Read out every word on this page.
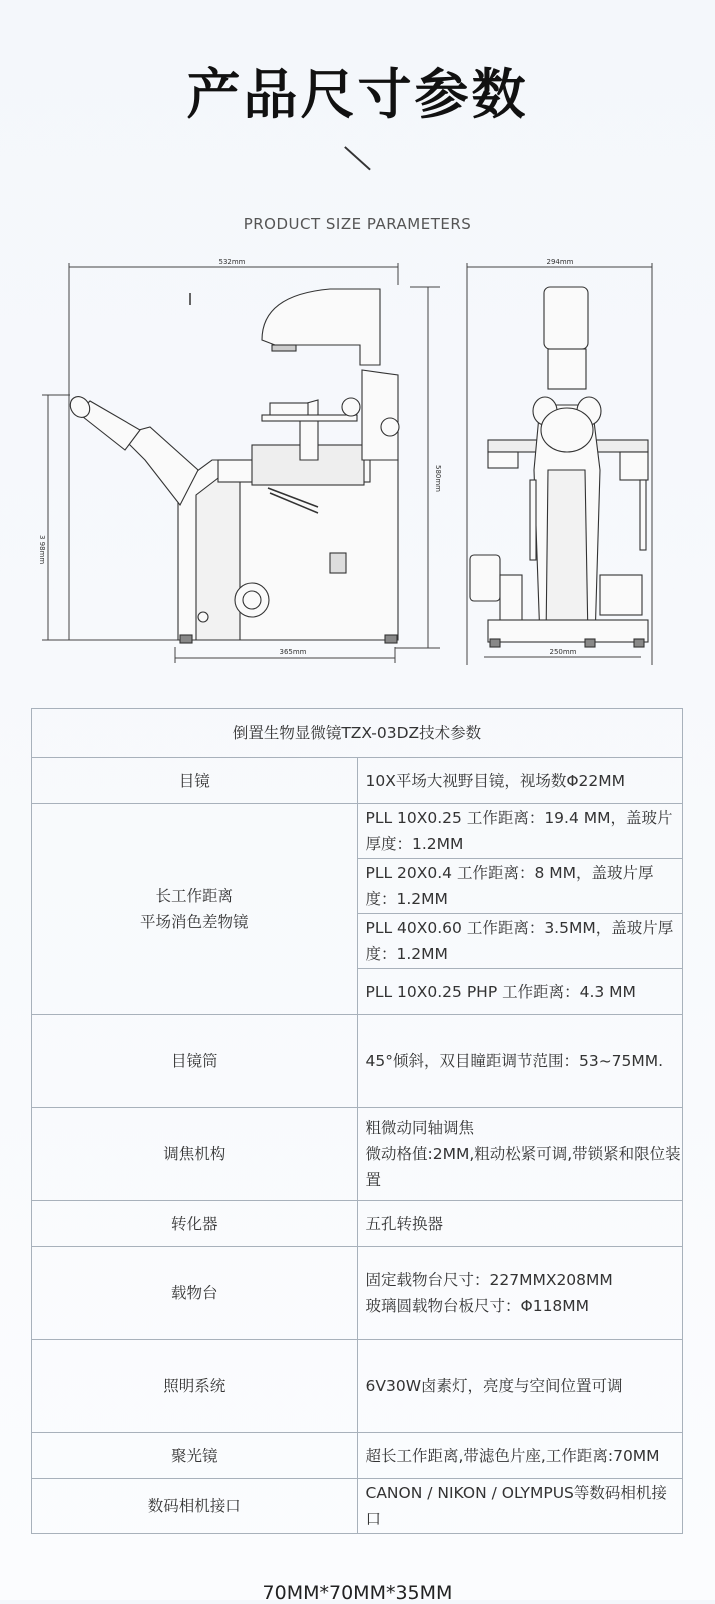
产品尺寸参数
PRODUCT SIZE PARAMETERS
532mm
580mm
3 98mm
365mm
294mm
250mm
倒置生物显微镜TZX-03DZ技术参数	
目镜	10X平场大视野目镜，视场数Φ22MM

长工作距离
平场消色差物镜	PLL 10X0.25 工作距离：19.4 MM，盖玻片厚度：1.2MM
	PLL 20X0.4 工作距离：8 MM，盖玻片厚度：1.2MM
	PLL 40X0.60 工作距离：3.5MM，盖玻片厚度：1.2MM
	PLL 10X0.25 PHP 工作距离：4.3 MM
目镜筒	45°倾斜，双目瞳距调节范围：53~75MM.
调焦机构	粗微动同轴调焦
微动格值:2MM,粗动松紧可调,带锁紧和限位装置

转化器	五孔转换器
载物台	固定载物台尺寸：227MMX208MM
玻璃圆载物台板尺寸：Φ118MM

照明系统	6V30W卤素灯，亮度与空间位置可调
聚光镜	超长工作距离,带滤色片座,工作距离:70MM
数码相机接口	CANON / NIKON / OLYMPUS等数码相机接口
70MM*70MM*35MM
